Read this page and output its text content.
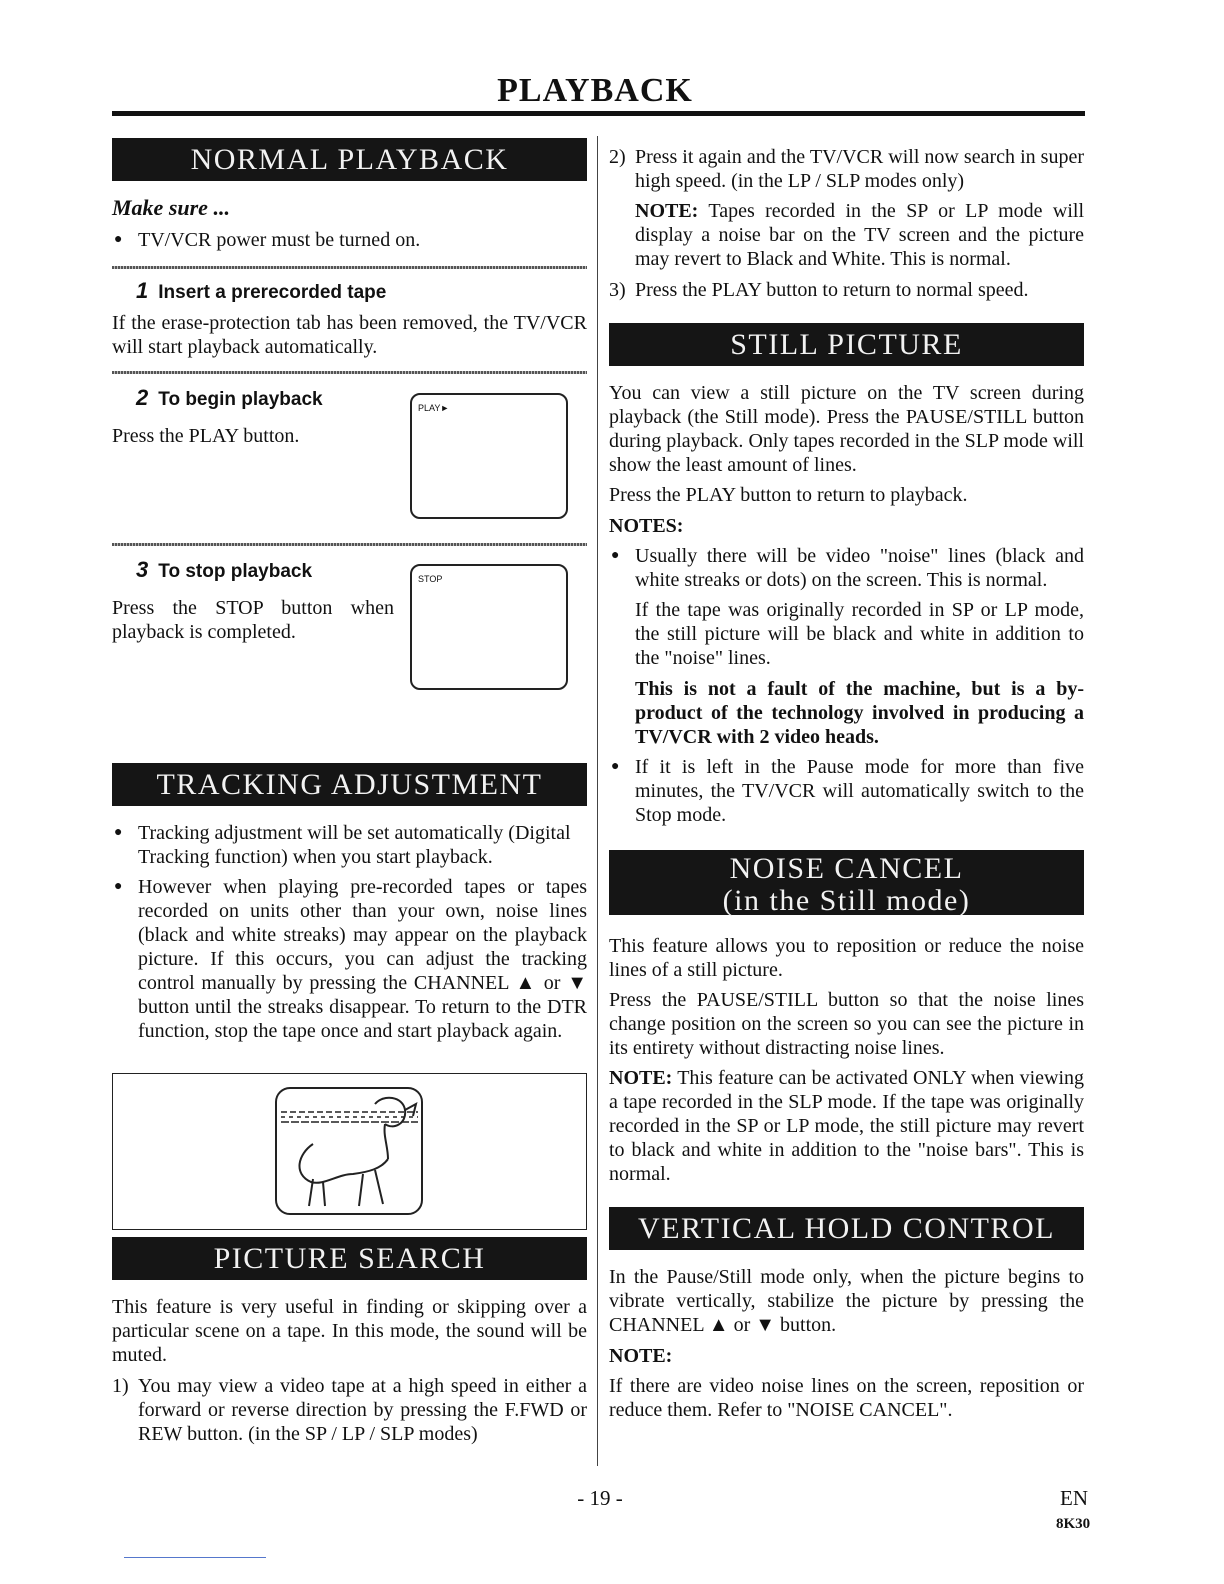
PLAYBACK
NORMAL PLAYBACK
Make sure ...
● TV/VCR power must be turned on.
1 Insert a prerecorded tape
If the erase-protection tab has been removed, the TV/VCR will start playback automatically.
2 To begin playback
Press the PLAY button.
PLAY►
3 To stop playback
Press the STOP button when playback is completed.
STOP
TRACKING ADJUSTMENT
● Tracking adjustment will be set automatically (Digital Tracking function) when you start playback.
● However when playing pre-recorded tapes or tapes recorded on units other than your own, noise lines (black and white streaks) may appear on the playback picture. If this occurs, you can adjust the tracking control manually by pressing the CHANNEL ▲ or ▼ button until the streaks disappear. To return to the DTR function, stop the tape once and start playback again.
PICTURE SEARCH
This feature is very useful in finding or skipping over a particular scene on a tape. In this mode, the sound will be muted.
1) You may view a video tape at a high speed in either a forward or reverse direction by pressing the F.FWD or REW button. (in the SP / LP / SLP modes)
2) Press it again and the TV/VCR will now search in super high speed. (in the LP / SLP modes only)
NOTE: Tapes recorded in the SP or LP mode will display a noise bar on the TV screen and the picture may revert to Black and White. This is normal.
3) Press the PLAY button to return to normal speed.
STILL PICTURE
You can view a still picture on the TV screen during playback (the Still mode). Press the PAUSE/STILL button during playback. Only tapes recorded in the SLP mode will show the least amount of lines.
Press the PLAY button to return to playback.
NOTES:
● Usually there will be video "noise" lines (black and white streaks or dots) on the screen. This is normal.
If the tape was originally recorded in SP or LP mode, the still picture will be black and white in addition to the "noise" lines.
This is not a fault of the machine, but is a by-product of the technology involved in producing a TV/VCR with 2 video heads.
● If it is left in the Pause mode for more than five minutes, the TV/VCR will automatically switch to the Stop mode.
NOISE CANCEL
(in the Still mode)
This feature allows you to reposition or reduce the noise lines of a still picture.
Press the PAUSE/STILL button so that the noise lines change position on the screen so you can see the picture in its entirety without distracting noise lines.
NOTE: This feature can be activated ONLY when viewing a tape recorded in the SLP mode. If the tape was originally recorded in the SP or LP mode, the still picture may revert to black and white in addition to the "noise bars". This is normal.
VERTICAL HOLD CONTROL
In the Pause/Still mode only, when the picture begins to vibrate vertically, stabilize the picture by pressing the CHANNEL ▲ or ▼ button.
NOTE:
If there are video noise lines on the screen, reposition or reduce them. Refer to "NOISE CANCEL".
- 19 -	EN
8K30
